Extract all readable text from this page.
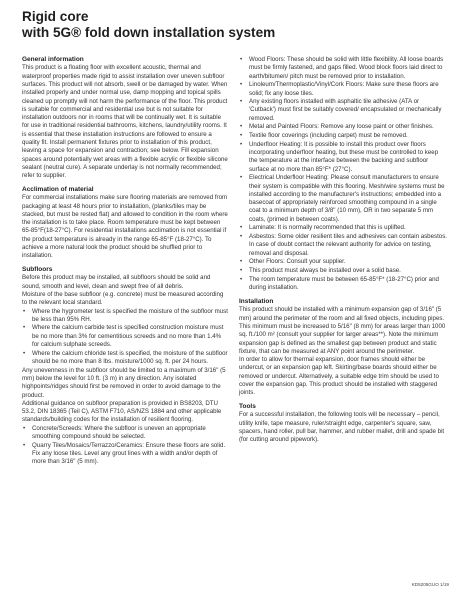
Rigid core
with 5G® fold down installation system
General information

This product is a floating floor with excellent acoustic, thermal and waterproof properties made rigid to assist installation over uneven subfloor surfaces. This product will not absorb, swell or be damaged by water. When installed properly and under normal use, damp mopping and topical spills cleaned up promptly will not harm the performance of the floor. This product is suitable for commercial and residential use but is not suitable for installation outdoors nor in rooms that will be continually wet. It is suitable for use in traditional residential bathrooms, kitchens, laundry/utility rooms. It is essential that these installation instructions are followed to ensure a quality fit. Install permanent fixtures prior to installation of this product, leaving a space for expansion and contraction; see below. Fill expansion spaces around potentially wet areas with a flexible acrylic or flexible silicone sealant (neutral cure). A separate underlay is not normally recommended; refer to supplier.

Acclimation of material

For commercial installations make sure flooring materials are removed from packaging at least 48 hours prior to installation, (planks/tiles may be stacked, but must be rested flat) and allowed to condition in the room where the installation is to take place. Room temperature must be kept between 65-85°F(18-27°C). For residential installations acclimation is not essential if the product temperature is already in the range 65-85°F (18-27°C). To achieve a more natural look the product should be shuffled prior to installation.

Subfloors

Before this product may be installed, all subfloors should be solid and sound, smooth and level, clean and swept free of all debris.

Moisture of the base subfloor (e.g. concrete) must be measured according to the relevant local standard.

• Where the hygrometer test is specified the moisture of the subfloor must be less than 95% RH.
• Where the calcium carbide test is specified construction moisture must be no more than 3% for cementitious screeds and no more than 1.4% for calcium sulphate screeds.
• Where the calcium chloride test is specified, the moisture of the subfloor should be no more than 8 lbs. moisture/1000 sq. ft. per 24 hours.

Any unevenness in the subfloor should be limited to a maximum of 3/16" (5 mm) below the level for 10 ft. (3 m) in any direction. Any isolated highpoints/ridges should first be removed in order to avoid damage to the product.

Additional guidance on subfloor preparation is provided in BS8203, DTU 53.2, DIN 18365 (Teil C), ASTM F710, AS/NZS 1884 and other applicable standards/building codes for the installation of resilient flooring.

• Concrete/Screeds: Where the subfloor is uneven an appropriate smoothing compound should be selected.
• Quarry Tiles/Mosaics/Terrazzo/Ceramics: Ensure these floors are solid. Fix any loose tiles. Level any grout lines with a width and/or depth of more than 3/16" (5 mm).
• Wood Floors: These should be solid with little flexibility. All loose boards must be firmly fastened, and gaps filled. Wood block floors laid direct to earth/bitumen/ pitch must be removed prior to installation.
• Linoleum/Thermoplastic/Vinyl/Cork Floors: Make sure these floors are solid; fix any loose tiles.
• Any existing floors installed with asphaltic tile adhesive (ATA or 'Cutback') must first be suitably covered/ encapsulated or mechanically removed.
• Metal and Painted Floors: Remove any loose paint or other finishes.
• Textile floor coverings (including carpet) must be removed.
• Underfloor Heating: It is possible to install this product over floors incorporating underfloor heating, but these must be controlled to keep the temperature at the interface between the backing and subfloor surface at no more than 85°F* (27°C).
• Electrical Underfloor Heating: Please consult manufacturers to ensure their system is compatible with this flooring. Mesh/wire systems must be installed according to the manufacturer's instructions; embedded into a basecoat of appropriately reinforced smoothing compound in a single coat to a minimum depth of 3/8" (10 mm), OR in two separate 5 mm coats, (primed in between coats).
• Laminate: It is normally recommended that this is uplifted.
• Asbestos: Some older resilient tiles and adhesives can contain asbestos. In case of doubt contact the relevant authority for advice on testing, removal and disposal.
• Other Floors: Consult your supplier.
• This product must always be installed over a solid base.
• The room temperature must be between 65-85°F* (18-27°C) prior and during installation.
Installation

This product should be installed with a minimum expansion gap of 3/16" (5 mm) around the perimeter of the room and all fixed objects, including pipes. This minimum must be increased to 5/16" (8 mm) for areas larger than 1000 sq. ft./100 m² (consult your supplier for larger areas**). Note the minimum expansion gap is defined as the smallest gap between product and static fixture, that can be measured at ANY point around the perimeter.

In order to allow for thermal expansion, door frames should either be undercut, or an expansion gap left. Skirting/base boards should either be removed or undercut. Alternatively, a suitable edge trim should be used to cover the expansion gap. This product should be installed with staggered joints.

Tools

For a successful installation, the following tools will be necessary – pencil, utility knife, tape measure, ruler/straight edge, carpenter's square, saw, spacers, hand roller, pull bar, hammer, and rubber mallet, drill and spade bit (for cutting around pipework).

KD5205GUO 1/19
